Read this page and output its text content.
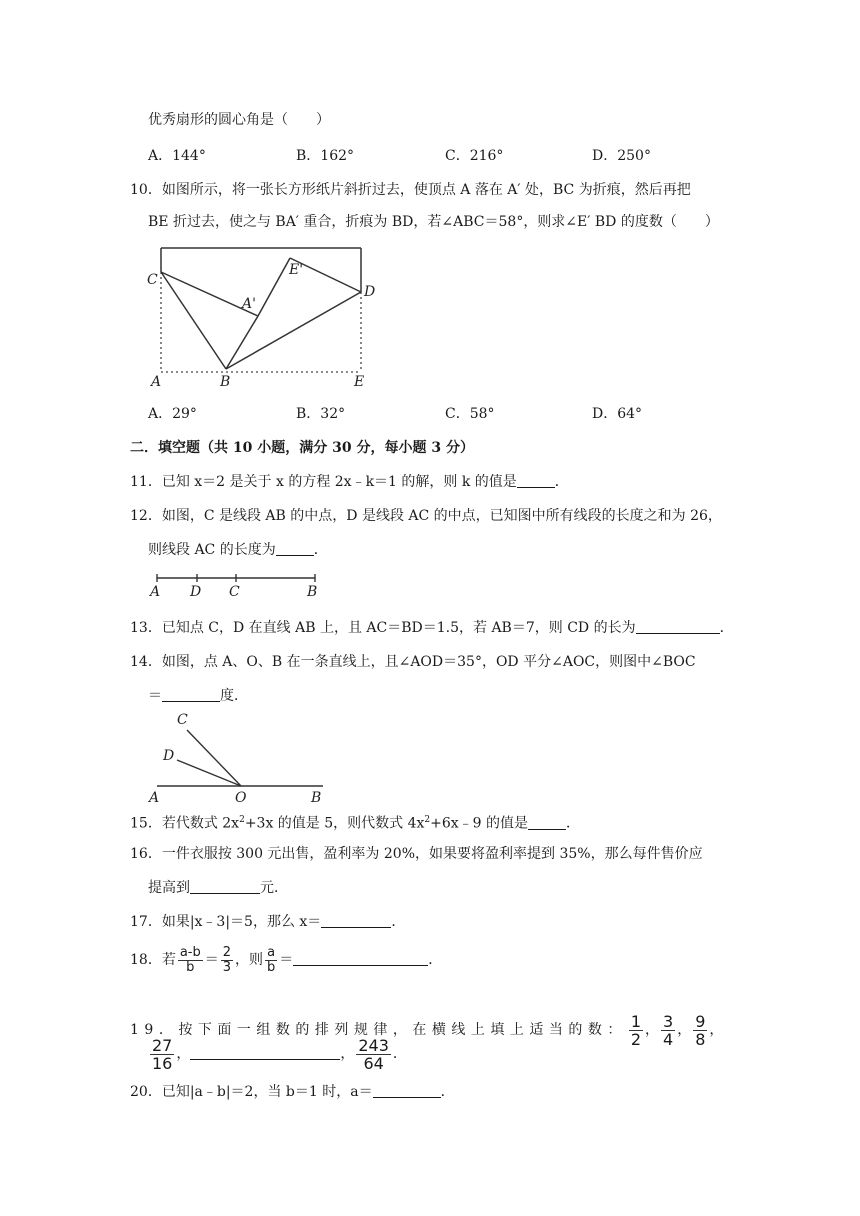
优秀扇形的圆心角是（　　）
A．144°	B．162°	C．216°	D．250°
10．如图所示，将一张长方形纸片斜折过去，使顶点 A 落在 A′ 处，BC 为折痕，然后再把
BE 折过去，使之与 BA′ 重合，折痕为 BD，若∠ABC＝58°，则求∠E′ BD 的度数（　　）
C
A'
E'
D
A	B	E
A．29°	B．32°	C．58°	D．64°
二．填空题（共 10 小题，满分 30 分，每小题 3 分）
11．已知 x＝2 是关于 x 的方程 2x﹣k＝1 的解，则 k 的值是	．
12．如图，C 是线段 AB 的中点，D 是线段 AC 的中点，已知图中所有线段的长度之和为 26，
则线段 AC 的长度为	．
A D C	B
13．已知点 C，D 在直线 AB 上，且 AC＝BD＝1.5，若 AB＝7，则 CD 的长为	．
14．如图，点 A、O、B 在一条直线上，且∠AOD＝35°，OD 平分∠AOC，则图中∠BOC
＝	度．
C
D
A	O	B
15．若代数式 $2x^2+3x$ 的值是 5，则代数式 $4x^2+6x﹣9$ 的值是	．
16．一件衣服按 300 元出售，盈利率为 20%，如果要将盈利率提到 35%，那么每件售价应
提高到	元．
17．如果|x﹣3|＝5，那么 x＝	．
18．若 $\frac{a-b}{b} = \frac{2}{3}$ ，则 $\frac{a}{b}$ ＝	．
19．按下面一组数的排列规律，在横线上填上适当的数： $\frac{1}{2}$ ， $\frac{3}{4}$ ， $\frac{9}{8}$ ，
$\frac{27}{16}$ ，	， $\frac{243}{64}$ ．
20．已知|a﹣b|＝2，当 b＝1 时，a＝	．
